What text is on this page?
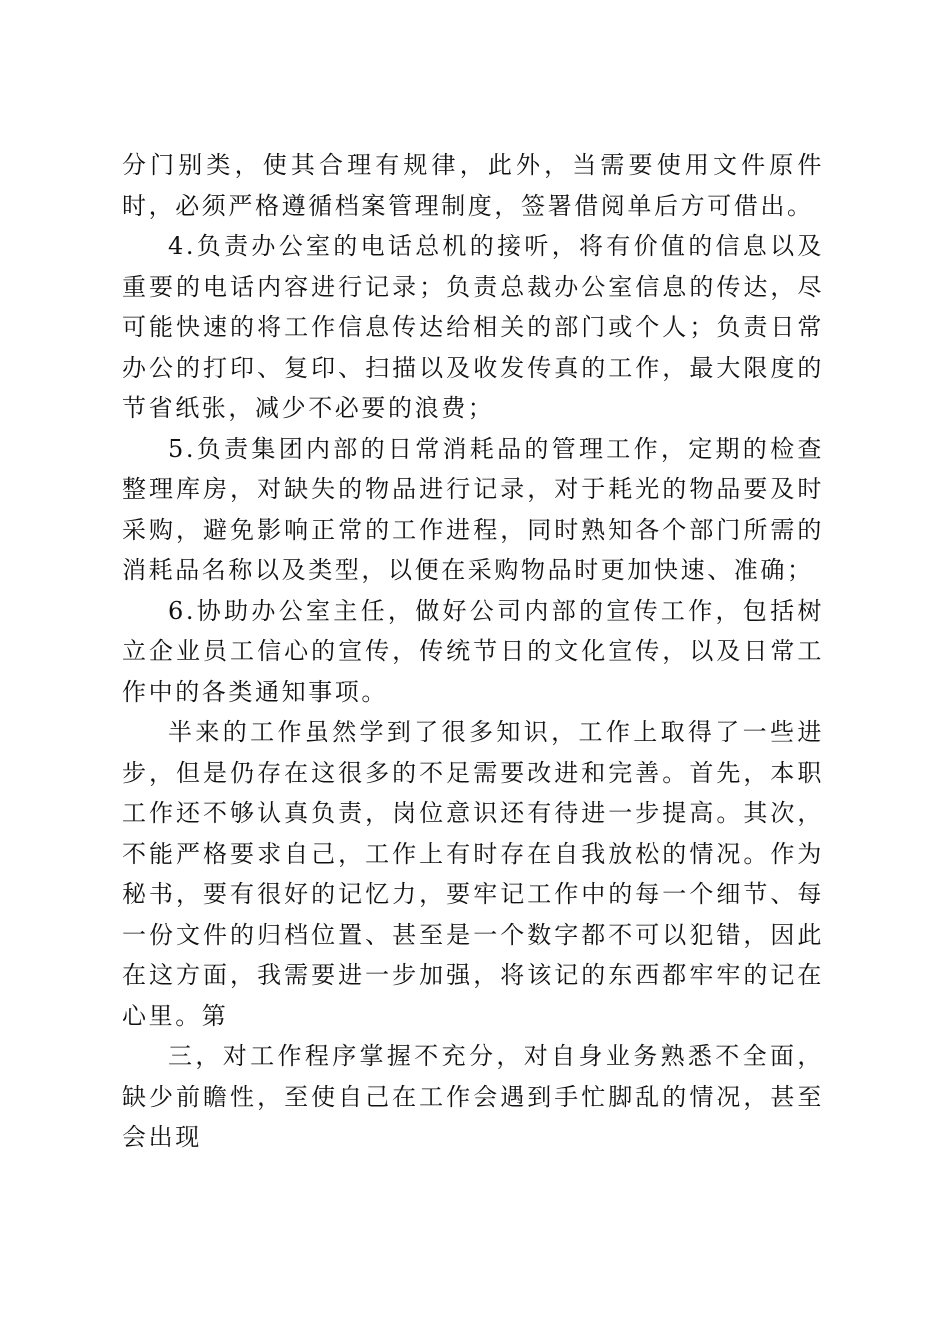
分门别类，使其合理有规律，此外，当需要使用文件原件时，必须严格遵循档案管理制度，签署借阅单后方可借出。

4.负责办公室的电话总机的接听，将有价值的信息以及重要的电话内容进行记录；负责总裁办公室信息的传达，尽可能快速的将工作信息传达给相关的部门或个人；负责日常办公的打印、复印、扫描以及收发传真的工作，最大限度的节省纸张，减少不必要的浪费；

5.负责集团内部的日常消耗品的管理工作，定期的检查整理库房，对缺失的物品进行记录，对于耗光的物品要及时采购，避免影响正常的工作进程，同时熟知各个部门所需的消耗品名称以及类型，以便在采购物品时更加快速、准确；

6.协助办公室主任，做好公司内部的宣传工作，包括树立企业员工信心的宣传，传统节日的文化宣传，以及日常工作中的各类通知事项。

半来的工作虽然学到了很多知识，工作上取得了一些进步，但是仍存在这很多的不足需要改进和完善。首先，本职工作还不够认真负责，岗位意识还有待进一步提高。其次，不能严格要求自己，工作上有时存在自我放松的情况。作为秘书，要有很好的记忆力，要牢记工作中的每一个细节、每一份文件的归档位置、甚至是一个数字都不可以犯错，因此在这方面，我需要进一步加强，将该记的东西都牢牢的记在心里。第

三，对工作程序掌握不充分，对自身业务熟悉不全面，缺少前瞻性，至使自己在工作会遇到手忙脚乱的情况，甚至会出现
